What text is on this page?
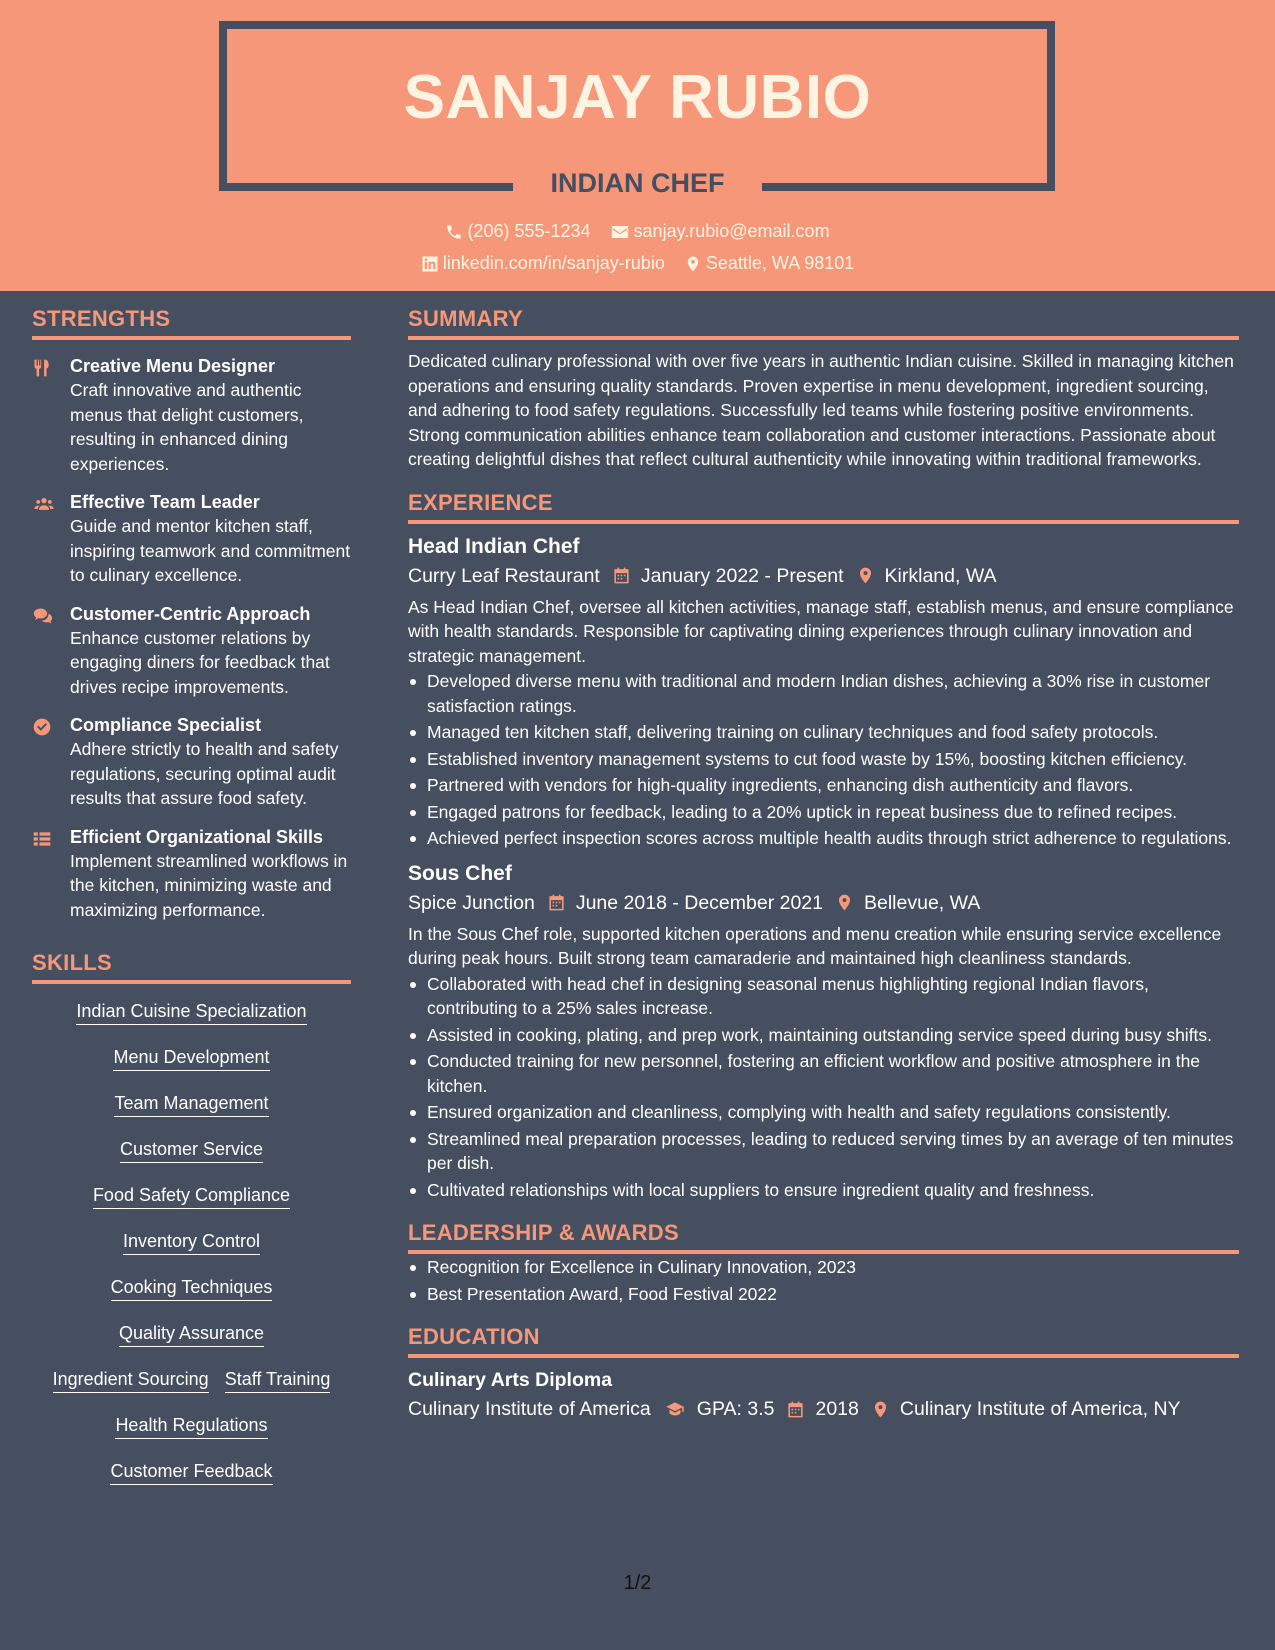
SANJAY RUBIO
INDIAN CHEF
(206) 555-1234
sanjay.rubio@email.com
linkedin.com/in/sanjay-rubio
Seattle, WA 98101
STRENGTHS
Creative Menu Designer
Craft innovative and authentic menus that delight customers, resulting in enhanced dining experiences.
Effective Team Leader
Guide and mentor kitchen staff, inspiring teamwork and commitment to culinary excellence.
Customer-Centric Approach
Enhance customer relations by engaging diners for feedback that drives recipe improvements.
Compliance Specialist
Adhere strictly to health and safety regulations, securing optimal audit results that assure food safety.
Efficient Organizational Skills
Implement streamlined workflows in the kitchen, minimizing waste and maximizing performance.
SKILLS
Indian Cuisine Specialization
Menu Development
Team Management
Customer Service
Food Safety Compliance
Inventory Control
Cooking Techniques
Quality Assurance
Ingredient Sourcing Staff Training
Health Regulations
Customer Feedback
SUMMARY
Dedicated culinary professional with over five years in authentic Indian cuisine. Skilled in managing kitchen operations and ensuring quality standards. Proven expertise in menu development, ingredient sourcing, and adhering to food safety regulations. Successfully led teams while fostering positive environments. Strong communication abilities enhance team collaboration and customer interactions. Passionate about creating delightful dishes that reflect cultural authenticity while innovating within traditional frameworks.
EXPERIENCE
Head Indian Chef
Curry Leaf Restaurant January 2022 - Present Kirkland, WA
As Head Indian Chef, oversee all kitchen activities, manage staff, establish menus, and ensure compliance with health standards. Responsible for captivating dining experiences through culinary innovation and strategic management.
Developed diverse menu with traditional and modern Indian dishes, achieving a 30% rise in customer satisfaction ratings.
Managed ten kitchen staff, delivering training on culinary techniques and food safety protocols.
Established inventory management systems to cut food waste by 15%, boosting kitchen efficiency.
Partnered with vendors for high-quality ingredients, enhancing dish authenticity and flavors.
Engaged patrons for feedback, leading to a 20% uptick in repeat business due to refined recipes.
Achieved perfect inspection scores across multiple health audits through strict adherence to regulations.
Sous Chef
Spice Junction June 2018 - December 2021 Bellevue, WA
In the Sous Chef role, supported kitchen operations and menu creation while ensuring service excellence during peak hours. Built strong team camaraderie and maintained high cleanliness standards.
Collaborated with head chef in designing seasonal menus highlighting regional Indian flavors, contributing to a 25% sales increase.
Assisted in cooking, plating, and prep work, maintaining outstanding service speed during busy shifts.
Conducted training for new personnel, fostering an efficient workflow and positive atmosphere in the kitchen.
Ensured organization and cleanliness, complying with health and safety regulations consistently.
Streamlined meal preparation processes, leading to reduced serving times by an average of ten minutes per dish.
Cultivated relationships with local suppliers to ensure ingredient quality and freshness.
LEADERSHIP & AWARDS
Recognition for Excellence in Culinary Innovation, 2023
Best Presentation Award, Food Festival 2022
EDUCATION
Culinary Arts Diploma
Culinary Institute of America GPA: 3.5 2018 Culinary Institute of America, NY
1/2
